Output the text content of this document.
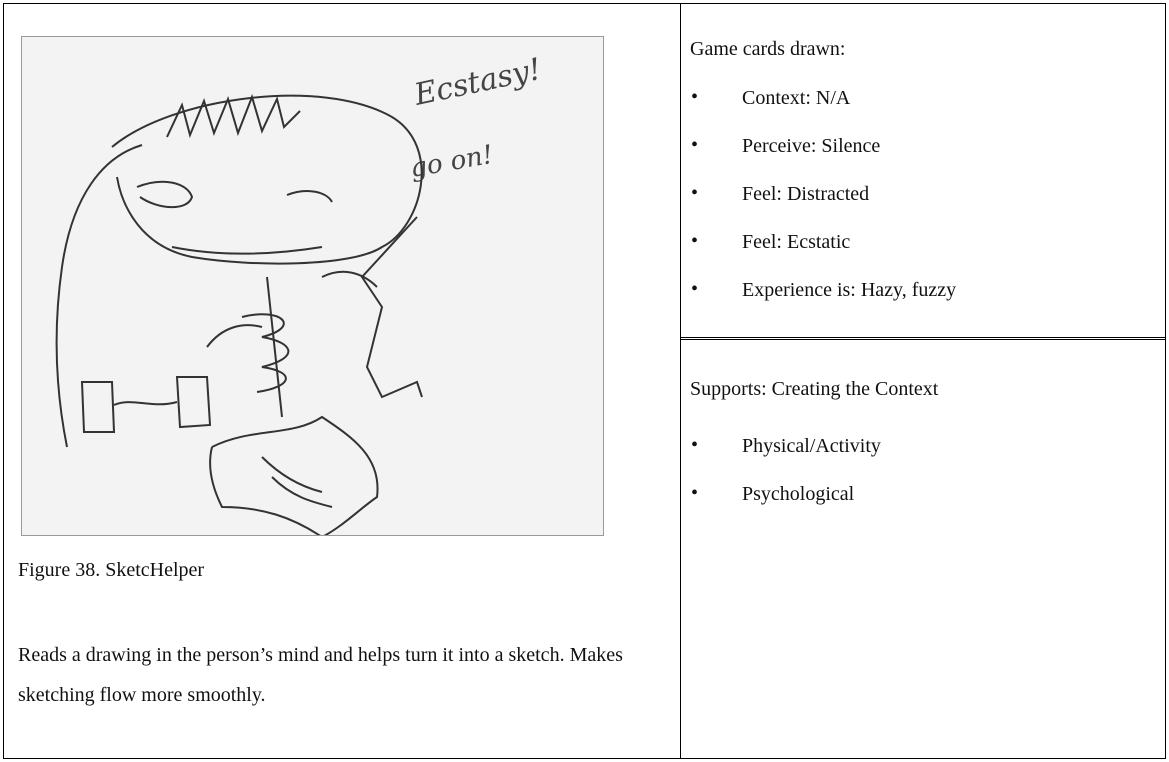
Ecstasy!
go on!
Figure 38. SketcHelper
Reads a drawing in the person’s mind and helps turn it into a sketch. Makes sketching flow more smoothly.
Game cards drawn:
• Context: N/A
• Perceive: Silence
• Feel: Distracted
• Feel: Ecstatic
• Experience is: Hazy, fuzzy
Supports: Creating the Context
• Physical/Activity
• Psychological
